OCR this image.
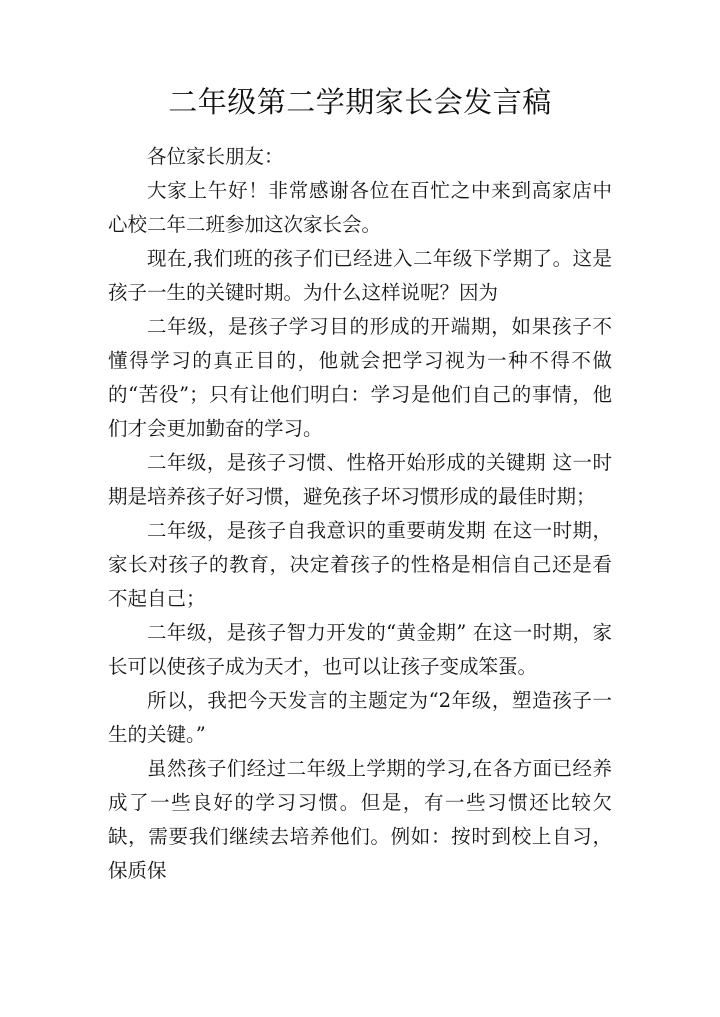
二年级第二学期家长会发言稿

各位家长朋友：

大家上午好！非常感谢各位在百忙之中来到高家店中心校二年二班参加这次家长会。

现在,我们班的孩子们已经进入二年级下学期了。这是孩子一生的关键时期。为什么这样说呢？因为

二年级，是孩子学习目的形成的开端期，如果孩子不懂得学习的真正目的，他就会把学习视为一种不得不做的“苦役”；只有让他们明白：学习是他们自己的事情，他们才会更加勤奋的学习。

二年级，是孩子习惯、性格开始形成的关键期 这一时期是培养孩子好习惯，避免孩子坏习惯形成的最佳时期；

二年级，是孩子自我意识的重要萌发期 在这一时期，家长对孩子的教育，决定着孩子的性格是相信自己还是看不起自己；

二年级，是孩子智力开发的“黄金期” 在这一时期，家长可以使孩子成为天才，也可以让孩子变成笨蛋。

所以，我把今天发言的主题定为“2年级，塑造孩子一生的关键。”

虽然孩子们经过二年级上学期的学习,在各方面已经养成了一些良好的学习习惯。但是，有一些习惯还比较欠缺，需要我们继续去培养他们。例如：按时到校上自习，保质保
